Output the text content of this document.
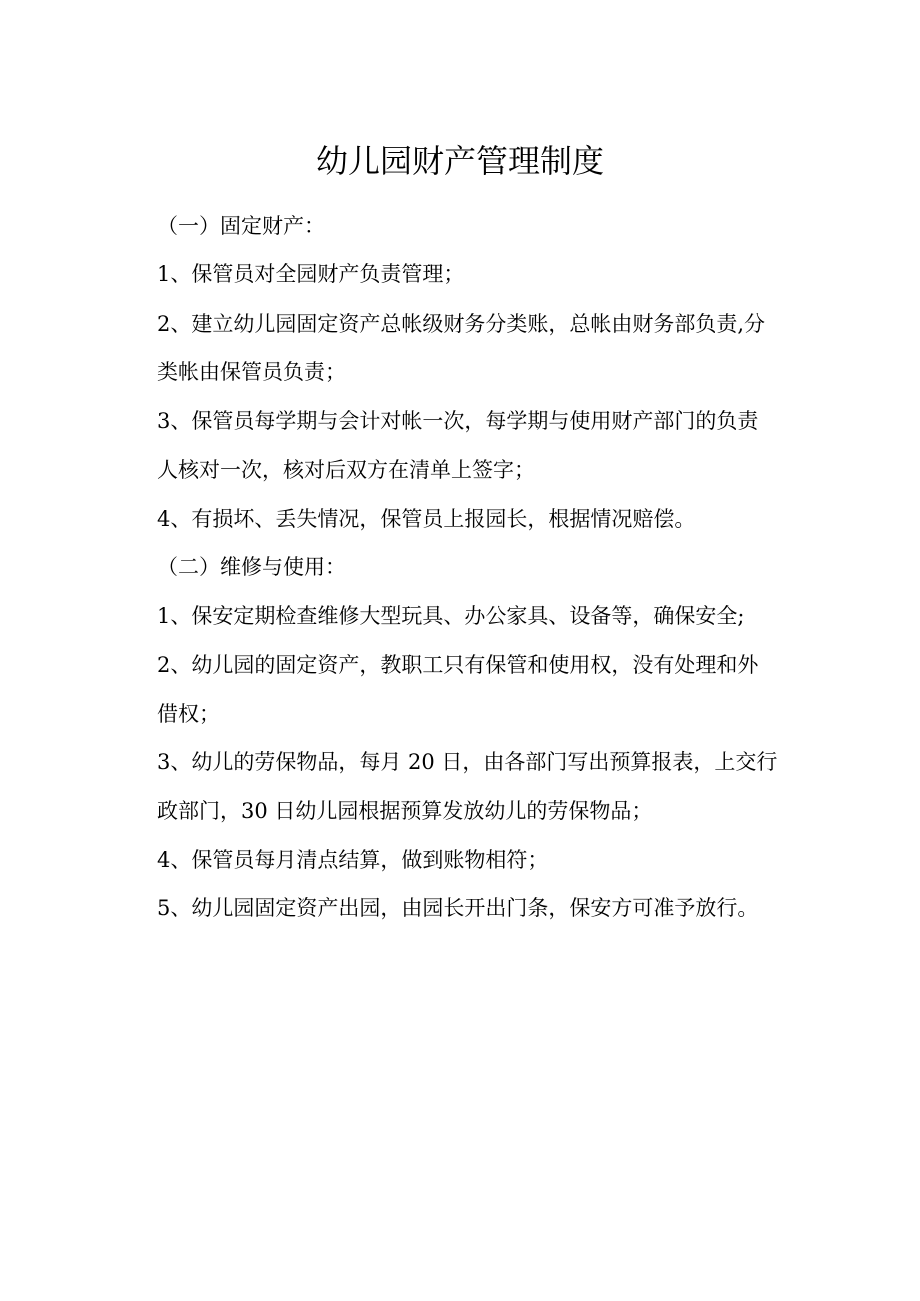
幼儿园财产管理制度
（一）固定财产：
1、保管员对全园财产负责管理；
2、建立幼儿园固定资产总帐级财务分类账，总帐由财务部负责,分
类帐由保管员负责；
3、保管员每学期与会计对帐一次，每学期与使用财产部门的负责
人核对一次，核对后双方在清单上签字；
4、有损坏、丢失情况，保管员上报园长，根据情况赔偿。
（二）维修与使用：
1、保安定期检查维修大型玩具、办公家具、设备等，确保安全;
2、幼儿园的固定资产，教职工只有保管和使用权，没有处理和外
借权；
3、幼儿的劳保物品，每月 20 日，由各部门写出预算报表，上交行
政部门，30 日幼儿园根据预算发放幼儿的劳保物品；
4、保管员每月清点结算，做到账物相符；
5、幼儿园固定资产出园，由园长开出门条，保安方可准予放行。
